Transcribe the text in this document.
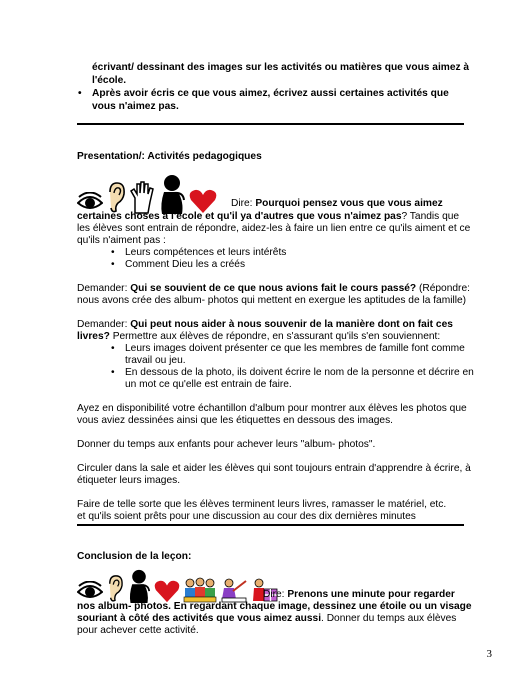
écrivant/ dessinant des images sur les activités ou matières que vous aimez à
l'école.
• Après avoir écris ce que vous aimez, écrivez aussi certaines activités que
vous n'aimez pas.
Presentation/: Activités pedagogiques
Dire: Pourquoi pensez vous que vous aimez
certaines choses à l'école et qu'il ya d'autres que vous n'aimez pas? Tandis que
les élèves sont entrain de répondre, aidez-les à faire un lien entre ce qu'ils aiment et ce
qu'ils n'aiment pas :
• Leurs compétences et leurs intérêts
• Comment Dieu les a créés
Demander: Qui se souvient de ce que nous avions fait le cours passé? (Répondre:
nous avons crée des album- photos qui mettent en exergue les aptitudes de la famille)
Demander: Qui peut nous aider à nous souvenir de la manière dont on fait ces
livres? Permettre aux élèves de répondre, en s'assurant qu'ils s'en souviennent:
• Leurs images doivent présenter ce que les membres de famille font comme
travail ou jeu.
• En dessous de la photo, ils doivent écrire le nom de la personne et décrire en
un mot ce qu'elle est entrain de faire.
Ayez en disponibilité votre échantillon d'album pour montrer aux élèves les photos que
vous aviez dessinées ainsi que les étiquettes en dessous des images.
Donner du temps aux enfants pour achever leurs "album- photos".
Circuler dans la sale et aider les élèves qui sont toujours entrain d'apprendre à écrire, à
étiqueter leurs images.
Faire de telle sorte que les élèves terminent leurs livres, ramasser le matériel, etc.
et qu'ils soient prêts pour une discussion au cour des dix dernières minutes
Conclusion de la leçon:
Dire: Prenons une minute pour regarder
nos album- photos. En regardant chaque image, dessinez une étoile ou un visage
souriant à côté des activités que vous aimez aussi. Donner du temps aux élèves
pour achever cette activité.
3
